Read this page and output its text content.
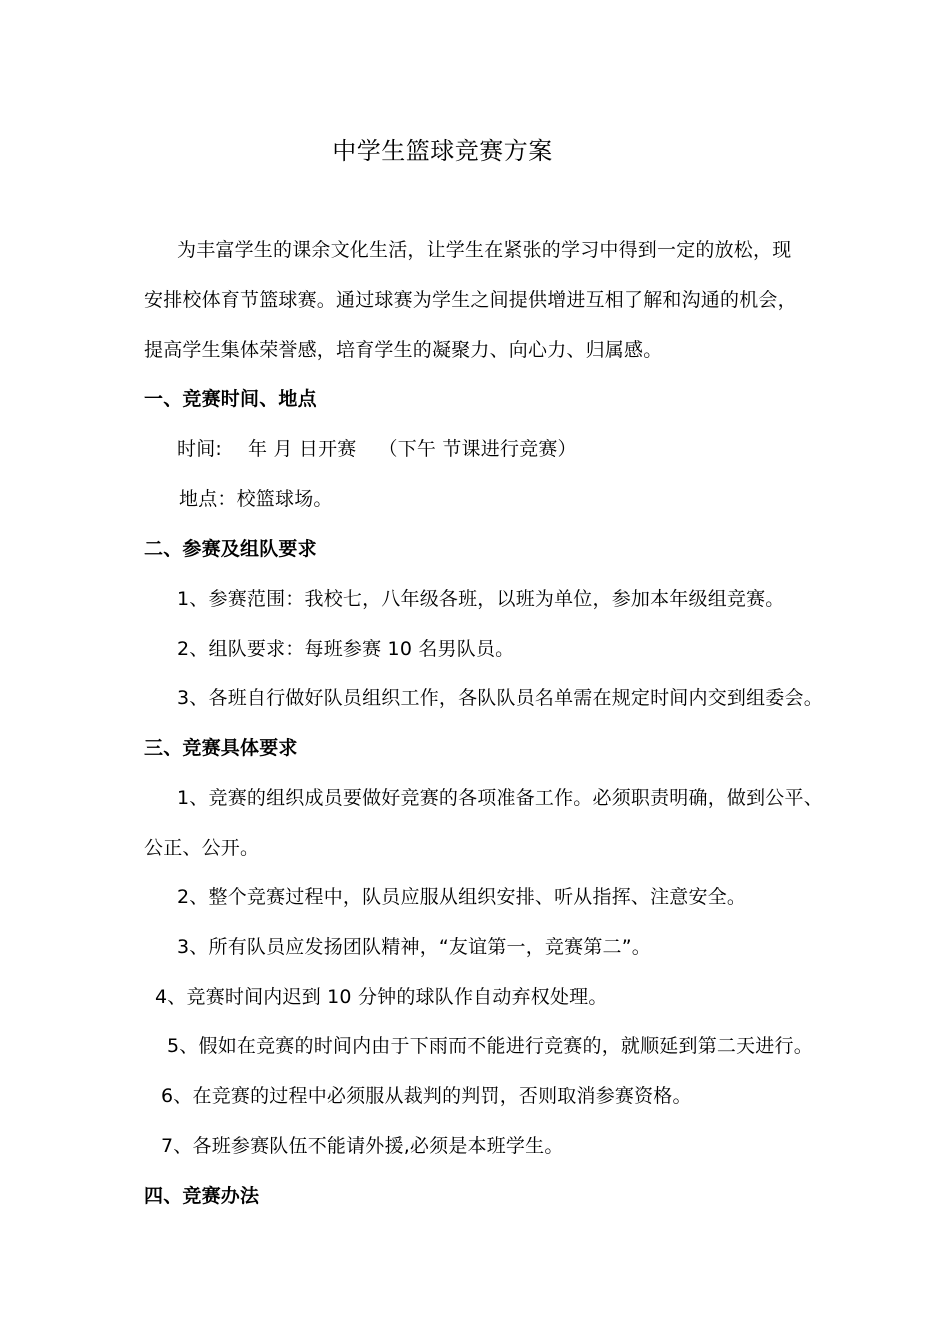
中学生篮球竞赛方案
为丰富学生的课余文化生活，让学生在紧张的学习中得到一定的放松，现
安排校体育节篮球赛。通过球赛为学生之间提供增进互相了解和沟通的机会，
提高学生集体荣誉感，培育学生的凝聚力、向心力、归属感。
一、竞赛时间、地点
时间: 年 月 日开赛 （下午 节课进行竞赛）
地点：校篮球场。
二、参赛及组队要求
1、参赛范围：我校七，八年级各班，以班为单位，参加本年级组竞赛。
2、组队要求：每班参赛 10 名男队员。
3、各班自行做好队员组织工作，各队队员名单需在规定时间内交到组委会。
三、竞赛具体要求
1、竞赛的组织成员要做好竞赛的各项准备工作。必须职责明确，做到公平、
公正、公开。
2、整个竞赛过程中，队员应服从组织安排、听从指挥、注意安全。
3、所有队员应发扬团队精神，“友谊第一，竞赛第二”。
4、竞赛时间内迟到 10 分钟的球队作自动弃权处理。
5、假如在竞赛的时间内由于下雨而不能进行竞赛的，就顺延到第二天进行。
6、在竞赛的过程中必须服从裁判的判罚，否则取消参赛资格。
7、各班参赛队伍不能请外援,必须是本班学生。
四、竞赛办法
